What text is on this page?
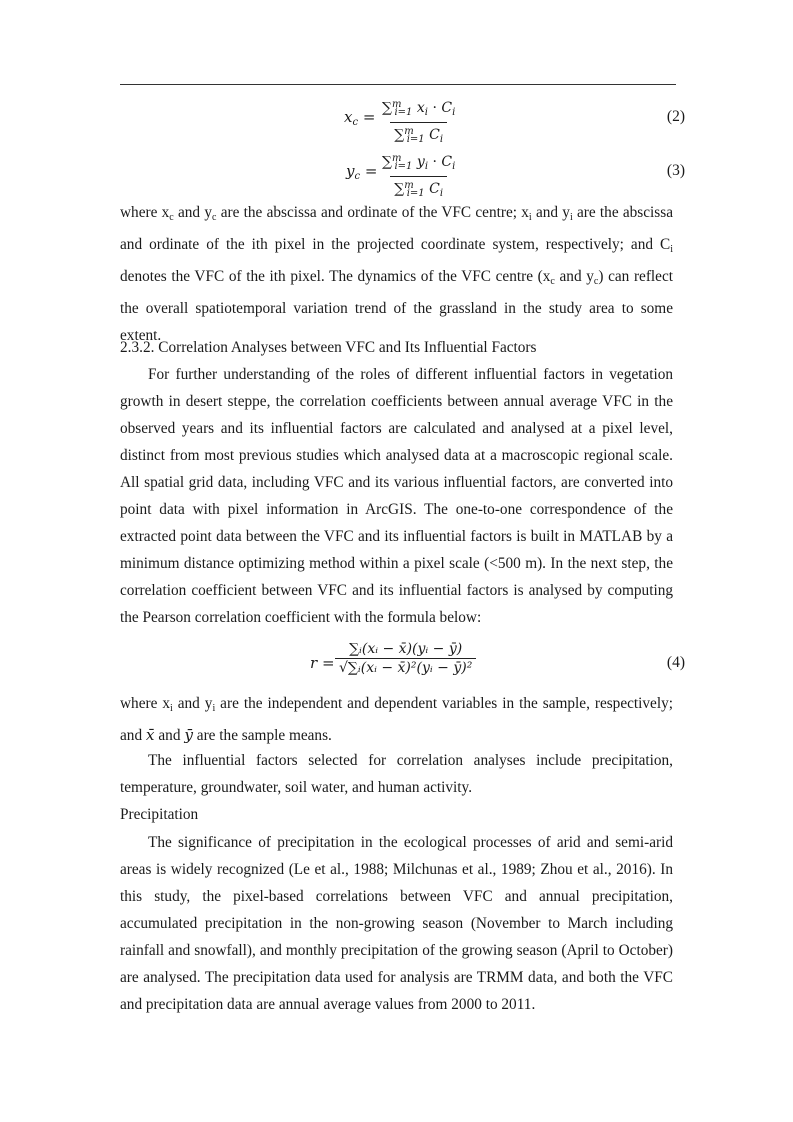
$x_c = \frac{\sum^m_{i=1} x_i \cdot C_i}{\sum^m_{i=1} C_i}$	(2)
$y_c = \frac{\sum^m_{i=1} y_i \cdot C_i}{\sum^m_{i=1} C_i}$	(3)

where xc and yc are the abscissa and ordinate of the VFC centre; xi and yi are the abscissa and ordinate of the ith pixel in the projected coordinate system, respectively; and Ci denotes the VFC of the ith pixel. The dynamics of the VFC centre (xc and yc) can reflect the overall spatiotemporal variation trend of the grassland in the study area to some extent.

2.3.2. Correlation Analyses between VFC and Its Influential Factors

For further understanding of the roles of different influential factors in vegetation growth in desert steppe, the correlation coefficients between annual average VFC in the observed years and its influential factors are calculated and analysed at a pixel level, distinct from most previous studies which analysed data at a macroscopic regional scale. All spatial grid data, including VFC and its various influential factors, are converted into point data with pixel information in ArcGIS. The one-to-one correspondence of the extracted point data between the VFC and its influential factors is built in MATLAB by a minimum distance optimizing method within a pixel scale (<500 m). In the next step, the correlation coefficient between VFC and its influential factors is analysed by computing the Pearson correlation coefficient with the formula below:

$r = \frac{\text{∑ᵢ(xᵢ − x̄)(yᵢ − ȳ)}}{\text{√∑ᵢ(xᵢ − x̄)²(yᵢ − ȳ)²}}$	(4)

where xi and yi are the independent and dependent variables in the sample, respectively; and x̄ and ȳ are the sample means.

The influential factors selected for correlation analyses include precipitation, temperature, groundwater, soil water, and human activity.

Precipitation

The significance of precipitation in the ecological processes of arid and semi-arid areas is widely recognized (Le et al., 1988; Milchunas et al., 1989; Zhou et al., 2016). In this study, the pixel-based correlations between VFC and annual precipitation, accumulated precipitation in the non-growing season (November to March including rainfall and snowfall), and monthly precipitation of the growing season (April to October) are analysed. The precipitation data used for analysis are TRMM data, and both the VFC and precipitation data are annual average values from 2000 to 2011.
